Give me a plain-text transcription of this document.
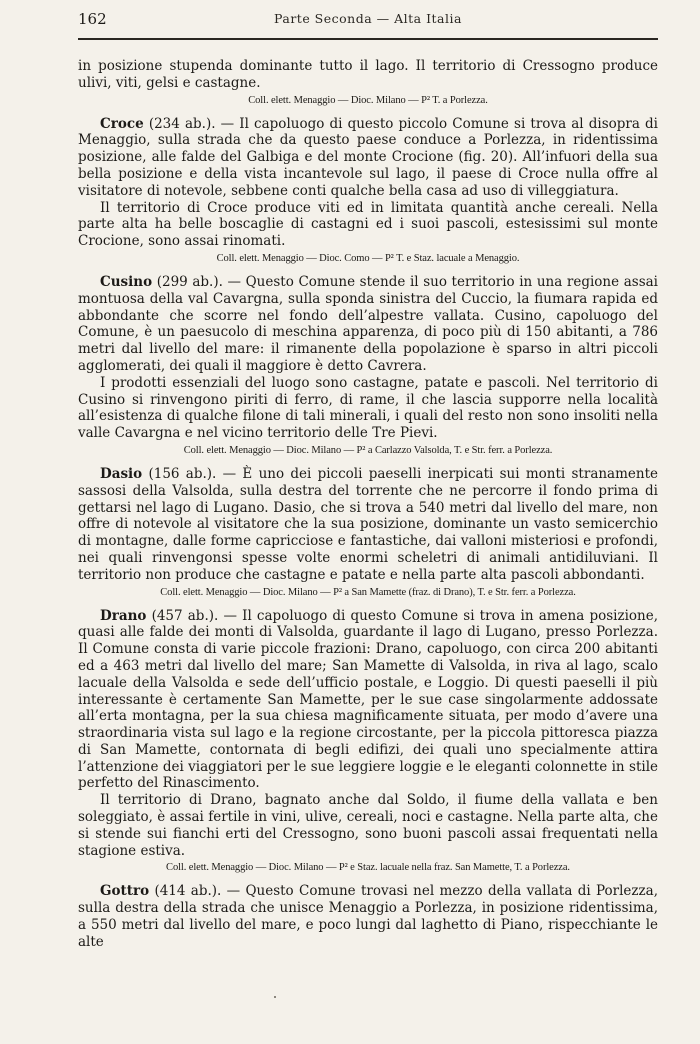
162	Parte Seconda — Alta Italia

in posizione stupenda dominante tutto il lago. Il territorio di Cressogno produce ulivi, viti, gelsi e castagne.

Coll. elett. Menaggio — Dioc. Milano — P² T. a Porlezza.

Croce (234 ab.). — Il capoluogo di questo piccolo Comune si trova al disopra di Menaggio, sulla strada che da questo paese conduce a Porlezza, in ridentissima posizione, alle falde del Galbiga e del monte Crocione (fig. 20). All’infuori della sua bella posizione e della vista incantevole sul lago, il paese di Croce nulla offre al visitatore di notevole, sebbene conti qualche bella casa ad uso di villeggiatura.

Il territorio di Croce produce viti ed in limitata quantità anche cereali. Nella parte alta ha belle boscaglie di castagni ed i suoi pascoli, estesissimi sul monte Crocione, sono assai rinomati.

Coll. elett. Menaggio — Dioc. Como — P² T. e Staz. lacuale a Menaggio.

Cusino (299 ab.). — Questo Comune stende il suo territorio in una regione assai montuosa della val Cavargna, sulla sponda sinistra del Cuccio, la fiumara rapida ed abbondante che scorre nel fondo dell’alpestre vallata. Cusino, capoluogo del Comune, è un paesucolo di meschina apparenza, di poco più di 150 abitanti, a 786 metri dal livello del mare: il rimanente della popolazione è sparso in altri piccoli agglomerati, dei quali il maggiore è detto Cavrera.

I prodotti essenziali del luogo sono castagne, patate e pascoli. Nel territorio di Cusino si rinvengono piriti di ferro, di rame, il che lascia supporre nella località all’esistenza di qualche filone di tali minerali, i quali del resto non sono insoliti nella valle Cavargna e nel vicino territorio delle Tre Pievi.

Coll. elett. Menaggio — Dioc. Milano — P² a Carlazzo Valsolda, T. e Str. ferr. a Porlezza.

Dasio (156 ab.). — È uno dei piccoli paeselli inerpicati sui monti stranamente sassosi della Valsolda, sulla destra del torrente che ne percorre il fondo prima di gettarsi nel lago di Lugano. Dasio, che si trova a 540 metri dal livello del mare, non offre di notevole al visitatore che la sua posizione, dominante un vasto semicerchio di montagne, dalle forme capricciose e fantastiche, dai valloni misteriosi e profondi, nei quali rinvengonsi spesse volte enormi scheletri di animali antidiluviani. Il territorio non produce che castagne e patate e nella parte alta pascoli abbondanti.

Coll. elett. Menaggio — Dioc. Milano — P² a San Mamette (fraz. di Drano), T. e Str. ferr. a Porlezza.

Drano (457 ab.). — Il capoluogo di questo Comune si trova in amena posizione, quasi alle falde dei monti di Valsolda, guardante il lago di Lugano, presso Porlezza. Il Comune consta di varie piccole frazioni: Drano, capoluogo, con circa 200 abitanti ed a 463 metri dal livello del mare; San Mamette di Valsolda, in riva al lago, scalo lacuale della Valsolda e sede dell’ufficio postale, e Loggio. Di questi paeselli il più interessante è certamente San Mamette, per le sue case singolarmente addossate all’erta montagna, per la sua chiesa magnificamente situata, per modo d’avere una straordinaria vista sul lago e la regione circostante, per la piccola pittoresca piazza di San Mamette, contornata di begli edifizi, dei quali uno specialmente attira l’attenzione dei viaggiatori per le sue leggiere loggie e le eleganti colonnette in stile perfetto del Rinascimento.

Il territorio di Drano, bagnato anche dal Soldo, il fiume della vallata e ben soleggiato, è assai fertile in vini, ulive, cereali, noci e castagne. Nella parte alta, che si stende sui fianchi erti del Cressogno, sono buoni pascoli assai frequentati nella stagione estiva.

Coll. elett. Menaggio — Dioc. Milano — P² e Staz. lacuale nella fraz. San Mamette, T. a Porlezza.

Gottro (414 ab.). — Questo Comune trovasi nel mezzo della vallata di Porlezza, sulla destra della strada che unisce Menaggio a Porlezza, in posizione ridentissima, a 550 metri dal livello del mare, e poco lungi dal laghetto di Piano, rispecchiante le alte
